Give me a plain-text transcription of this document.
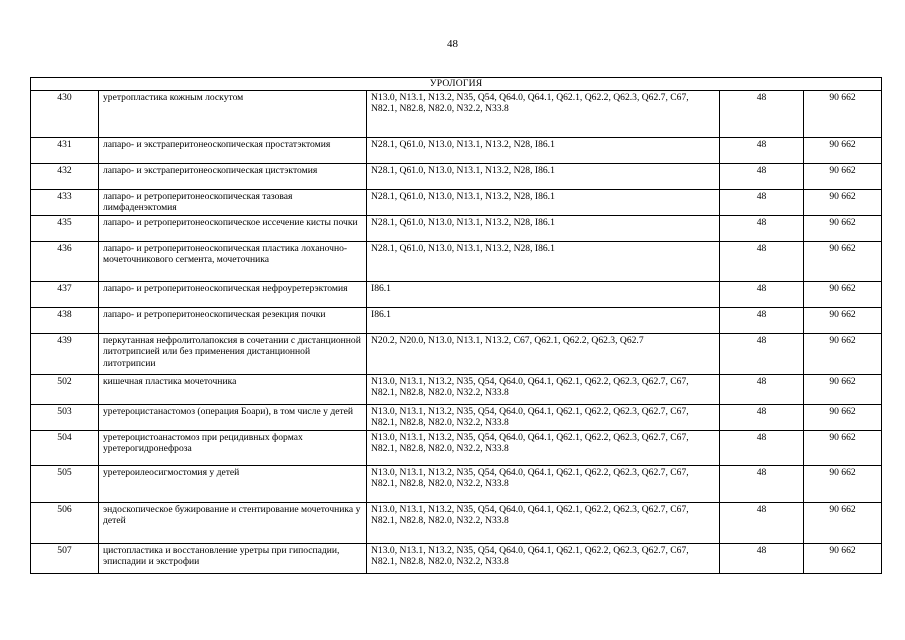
48
УРОЛОГИЯ				
430	уретропластика кожным лоскутом	N13.0, N13.1, N13.2, N35, Q54, Q64.0, Q64.1, Q62.1, Q62.2, Q62.3, Q62.7, C67, N82.1, N82.8, N82.0, N32.2, N33.8	48	90 662
431	лапаро- и экстраперитонеоскопическая простатэктомия	N28.1, Q61.0, N13.0, N13.1, N13.2, N28, I86.1	48	90 662
432	лапаро- и экстраперитонеоскопическая цистэктомия	N28.1, Q61.0, N13.0, N13.1, N13.2, N28, I86.1	48	90 662
433	лапаро- и ретроперитонеоскопическая тазовая лимфаденэктомия	N28.1, Q61.0, N13.0, N13.1, N13.2, N28, I86.1	48	90 662
435	лапаро- и ретроперитонеоскопическое иссечение кисты почки	N28.1, Q61.0, N13.0, N13.1, N13.2, N28, I86.1	48	90 662
436	лапаро- и ретроперитонеоскопическая пластика лоханочно-мочеточникового сегмента, мочеточника	N28.1, Q61.0, N13.0, N13.1, N13.2, N28, I86.1	48	90 662
437	лапаро- и ретроперитонеоскопическая нефроуретерэктомия	I86.1	48	90 662
438	лапаро- и ретроперитонеоскопическая резекция почки	I86.1	48	90 662
439	перкутанная нефролитолапоксия в сочетании с дистанционной литотрипсией или без применения дистанционной литотрипсии	N20.2, N20.0, N13.0, N13.1, N13.2, C67, Q62.1, Q62.2, Q62.3, Q62.7	48	90 662
502	кишечная пластика мочеточника	N13.0, N13.1, N13.2, N35, Q54, Q64.0, Q64.1, Q62.1, Q62.2, Q62.3, Q62.7, C67, N82.1, N82.8, N82.0, N32.2, N33.8	48	90 662
503	уретероцистанастомоз (операция Боари), в том числе у детей	N13.0, N13.1, N13.2, N35, Q54, Q64.0, Q64.1, Q62.1, Q62.2, Q62.3, Q62.7, C67, N82.1, N82.8, N82.0, N32.2, N33.8	48	90 662
504	уретероцистоанастомоз при рецидивных формах уретерогидронефроза	N13.0, N13.1, N13.2, N35, Q54, Q64.0, Q64.1, Q62.1, Q62.2, Q62.3, Q62.7, C67, N82.1, N82.8, N82.0, N32.2, N33.8	48	90 662
505	уретероилеосигмостомия у детей	N13.0, N13.1, N13.2, N35, Q54, Q64.0, Q64.1, Q62.1, Q62.2, Q62.3, Q62.7, C67, N82.1, N82.8, N82.0, N32.2, N33.8	48	90 662
506	эндоскопическое бужирование и стентирование мочеточника у детей	N13.0, N13.1, N13.2, N35, Q54, Q64.0, Q64.1, Q62.1, Q62.2, Q62.3, Q62.7, C67, N82.1, N82.8, N82.0, N32.2, N33.8	48	90 662
507	цистопластика и восстановление уретры при гипоспадии, эписпадии и экстрофии	N13.0, N13.1, N13.2, N35, Q54, Q64.0, Q64.1, Q62.1, Q62.2, Q62.3, Q62.7, C67, N82.1, N82.8, N82.0, N32.2, N33.8	48	90 662
